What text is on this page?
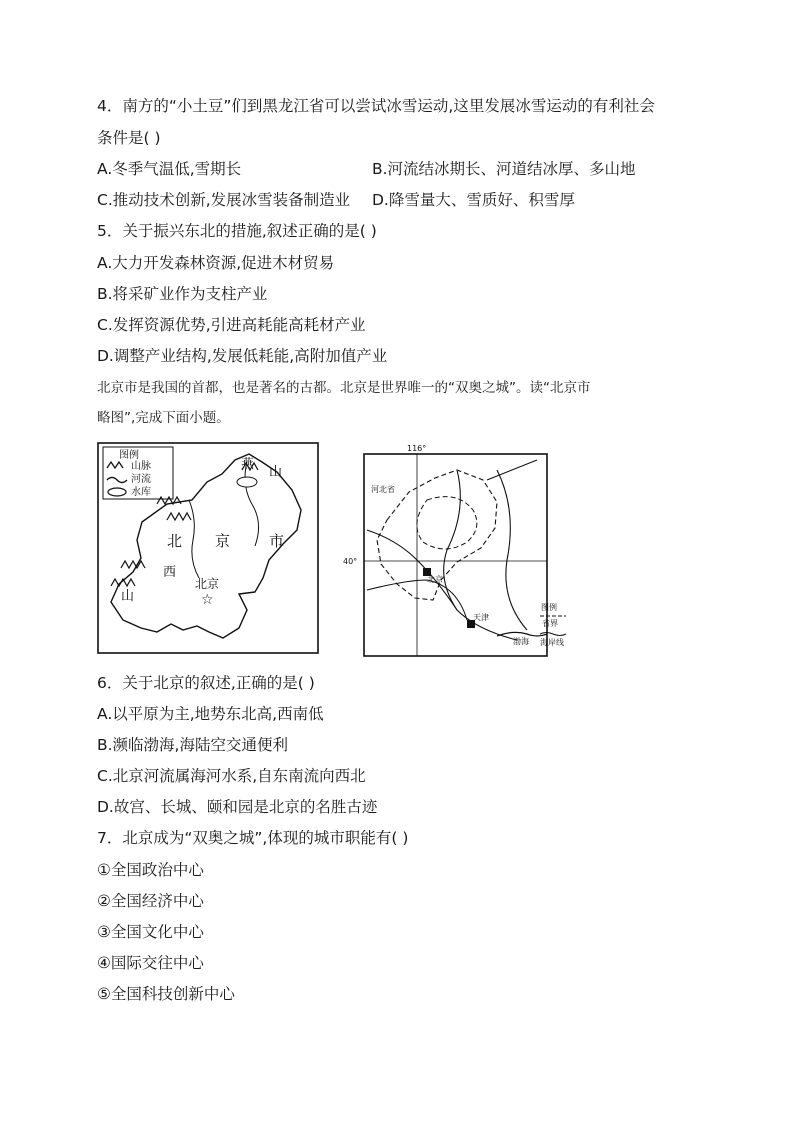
4．南方的“小土豆”们到黑龙江省可以尝试冰雪运动,这里发展冰雪运动的有利社会
条件是( )
A.冬季气温低,雪期长	B.河流结冰期长、河道结冰厚、多山地
C.推动技术创新,发展冰雪装备制造业 D.降雪量大、雪质好、积雪厚
5．关于振兴东北的措施,叙述正确的是( )
A.大力开发森林资源,促进木材贸易
B.将采矿业作为支柱产业
C.发挥资源优势,引进高耗能高耗材产业
D.调整产业结构,发展低耗能,高附加值产业
北京市是我国的首都，也是著名的古都。北京是世界唯一的“双奥之城”。读“北京市
略图”,完成下面小题。
图例
山脉
河流
水库
燕
山
北 京	市
西
山
北京
☆
116°
40°
河北省
北京
天津
渤海
图例
省界
海岸线
6．关于北京的叙述,正确的是( )
A.以平原为主,地势东北高,西南低
B.濒临渤海,海陆空交通便利
C.北京河流属海河水系,自东南流向西北
D.故宫、长城、颐和园是北京的名胜古迹
7．北京成为“双奥之城”,体现的城市职能有( )
①全国政治中心
②全国经济中心
③全国文化中心
④国际交往中心
⑤全国科技创新中心
